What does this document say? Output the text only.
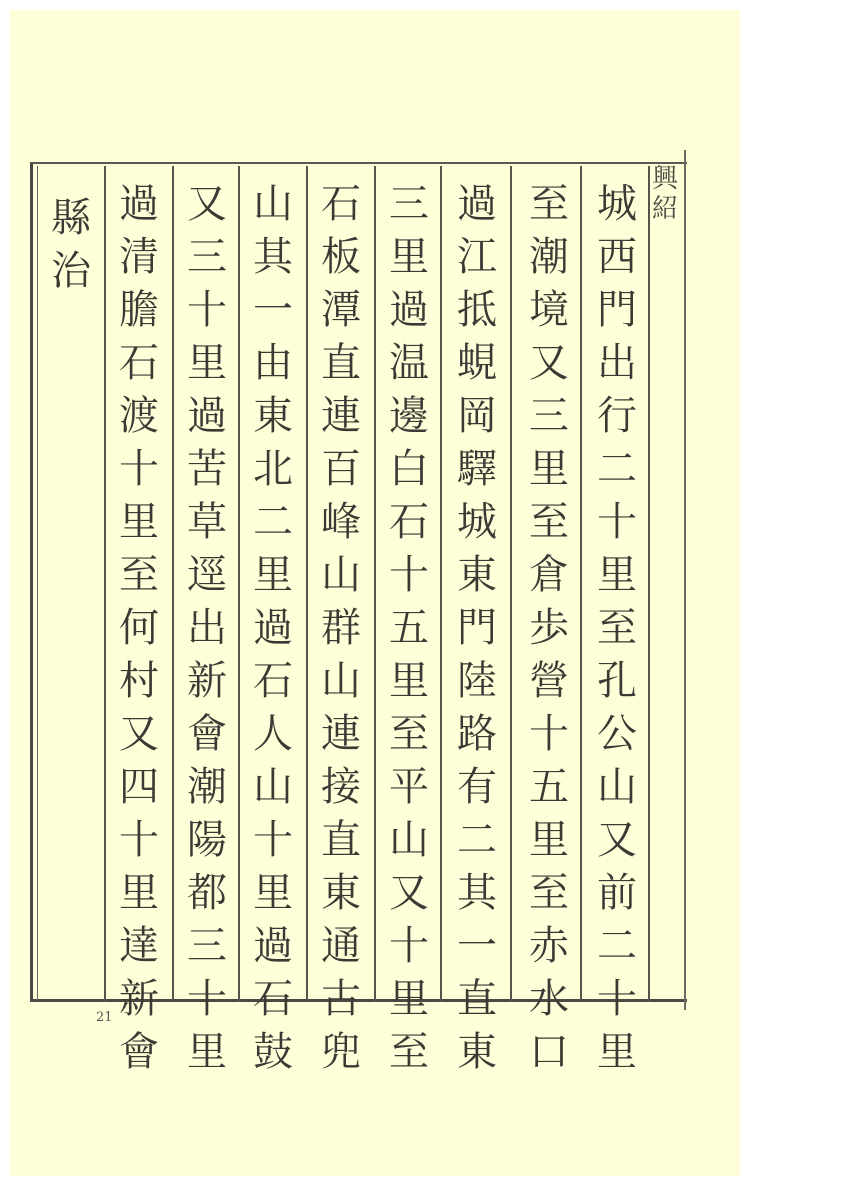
興
紹
城
西
門
出
行
二
十
里
至
孔
公
山
又
前
二
十
里
至
潮
境
又
三
里
至
倉
歩
營
十
五
里
至
赤
水
口
過
江
抵
蜆
岡
驛
城
東
門
陸
路
有
二
其
一
直
東
三
里
過
温
邊
白
石
十
五
里
至
平
山
又
十
里
至
石
板
潭
直
連
百
峰
山
群
山
連
接
直
東
通
古
兜
山
其
一
由
東
北
二
里
過
石
人
山
十
里
過
石
鼓
又
三
十
里
過
苦
草
逕
出
新
會
潮
陽
都
三
十
里
過
清
膽
石
渡
十
里
至
何
村
又
四
十
里
達
新
會
縣
治
21
